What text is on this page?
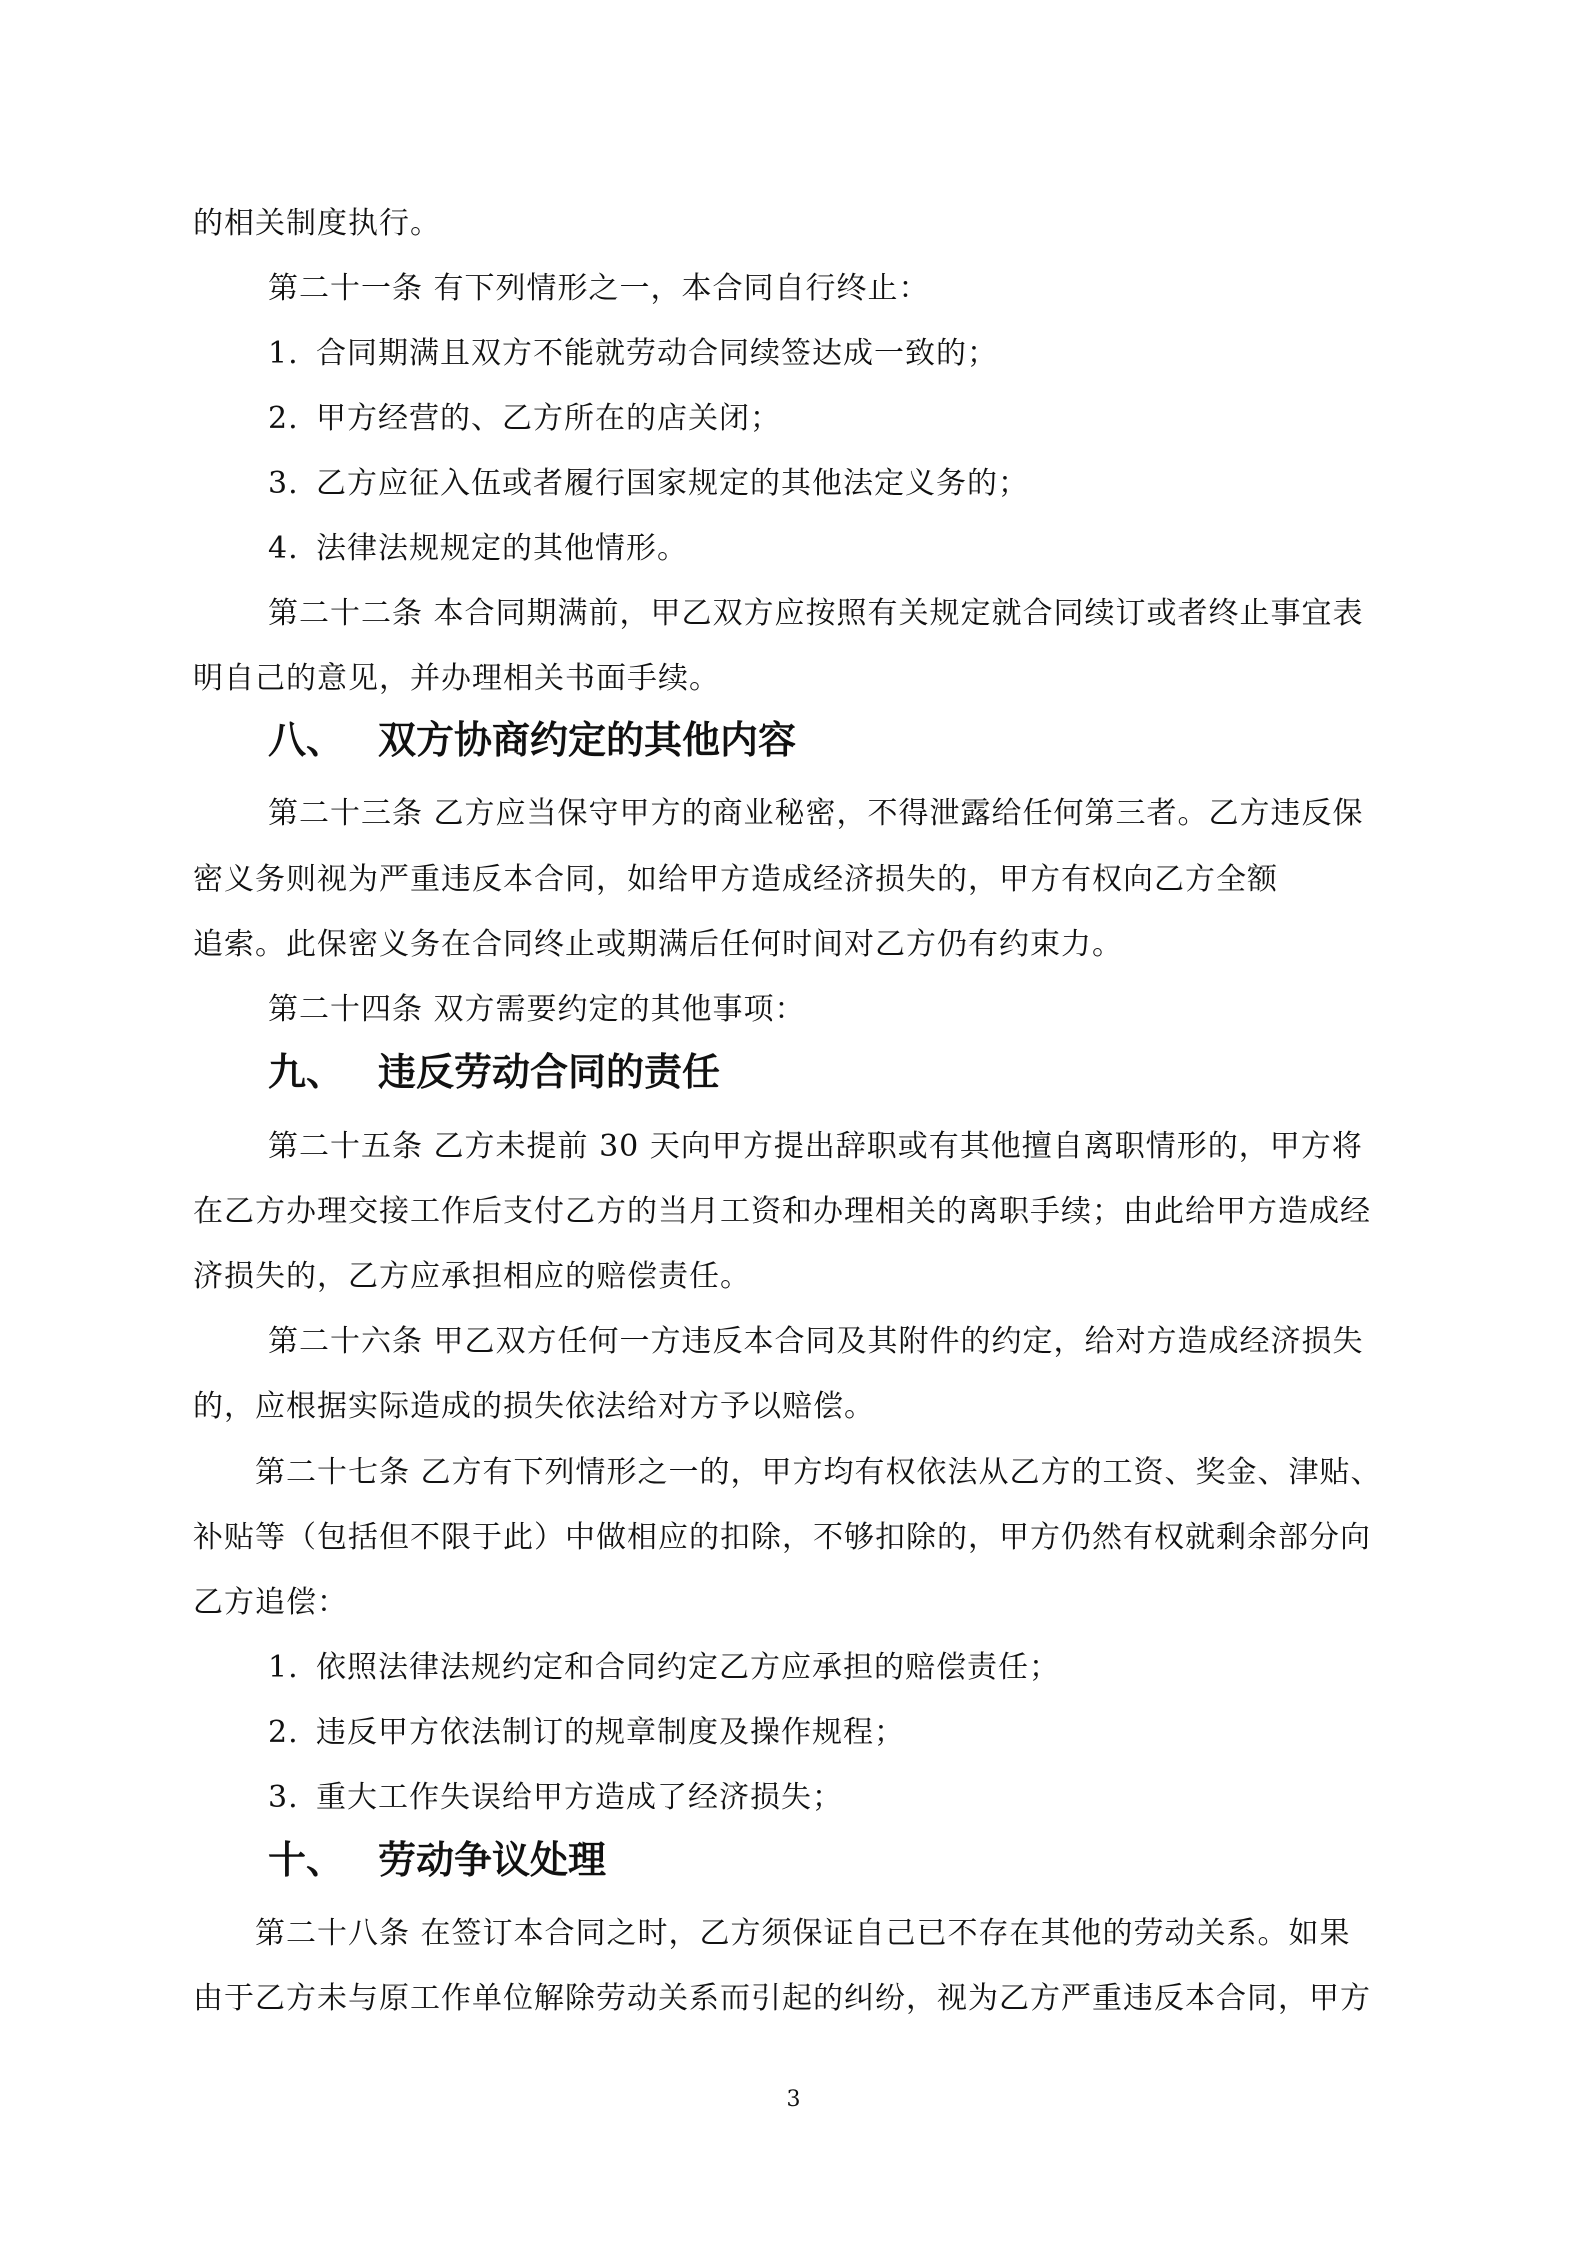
的相关制度执行。
第二十一条 有下列情形之一，本合同自行终止：
1. 合同期满且双方不能就劳动合同续签达成一致的；
2. 甲方经营的、乙方所在的店关闭；
3. 乙方应征入伍或者履行国家规定的其他法定义务的；
4. 法律法规规定的其他情形。
第二十二条 本合同期满前，甲乙双方应按照有关规定就合同续订或者终止事宜表
明自己的意见，并办理相关书面手续。
八、 双方协商约定的其他内容
第二十三条 乙方应当保守甲方的商业秘密，不得泄露给任何第三者。乙方违反保
密义务则视为严重违反本合同，如给甲方造成经济损失的，甲方有权向乙方全额
追索。此保密义务在合同终止或期满后任何时间对乙方仍有约束力。
第二十四条 双方需要约定的其他事项：
九、 违反劳动合同的责任
第二十五条 乙方未提前 30 天向甲方提出辞职或有其他擅自离职情形的，甲方将
在乙方办理交接工作后支付乙方的当月工资和办理相关的离职手续；由此给甲方造成经
济损失的，乙方应承担相应的赔偿责任。
第二十六条 甲乙双方任何一方违反本合同及其附件的约定，给对方造成经济损失
的，应根据实际造成的损失依法给对方予以赔偿。
第二十七条 乙方有下列情形之一的，甲方均有权依法从乙方的工资、奖金、津贴、
补贴等（包括但不限于此）中做相应的扣除，不够扣除的，甲方仍然有权就剩余部分向
乙方追偿：
1. 依照法律法规约定和合同约定乙方应承担的赔偿责任；
2. 违反甲方依法制订的规章制度及操作规程；
3. 重大工作失误给甲方造成了经济损失；
十、 劳动争议处理
第二十八条 在签订本合同之时，乙方须保证自己已不存在其他的劳动关系。如果
由于乙方未与原工作单位解除劳动关系而引起的纠纷，视为乙方严重违反本合同，甲方
3
